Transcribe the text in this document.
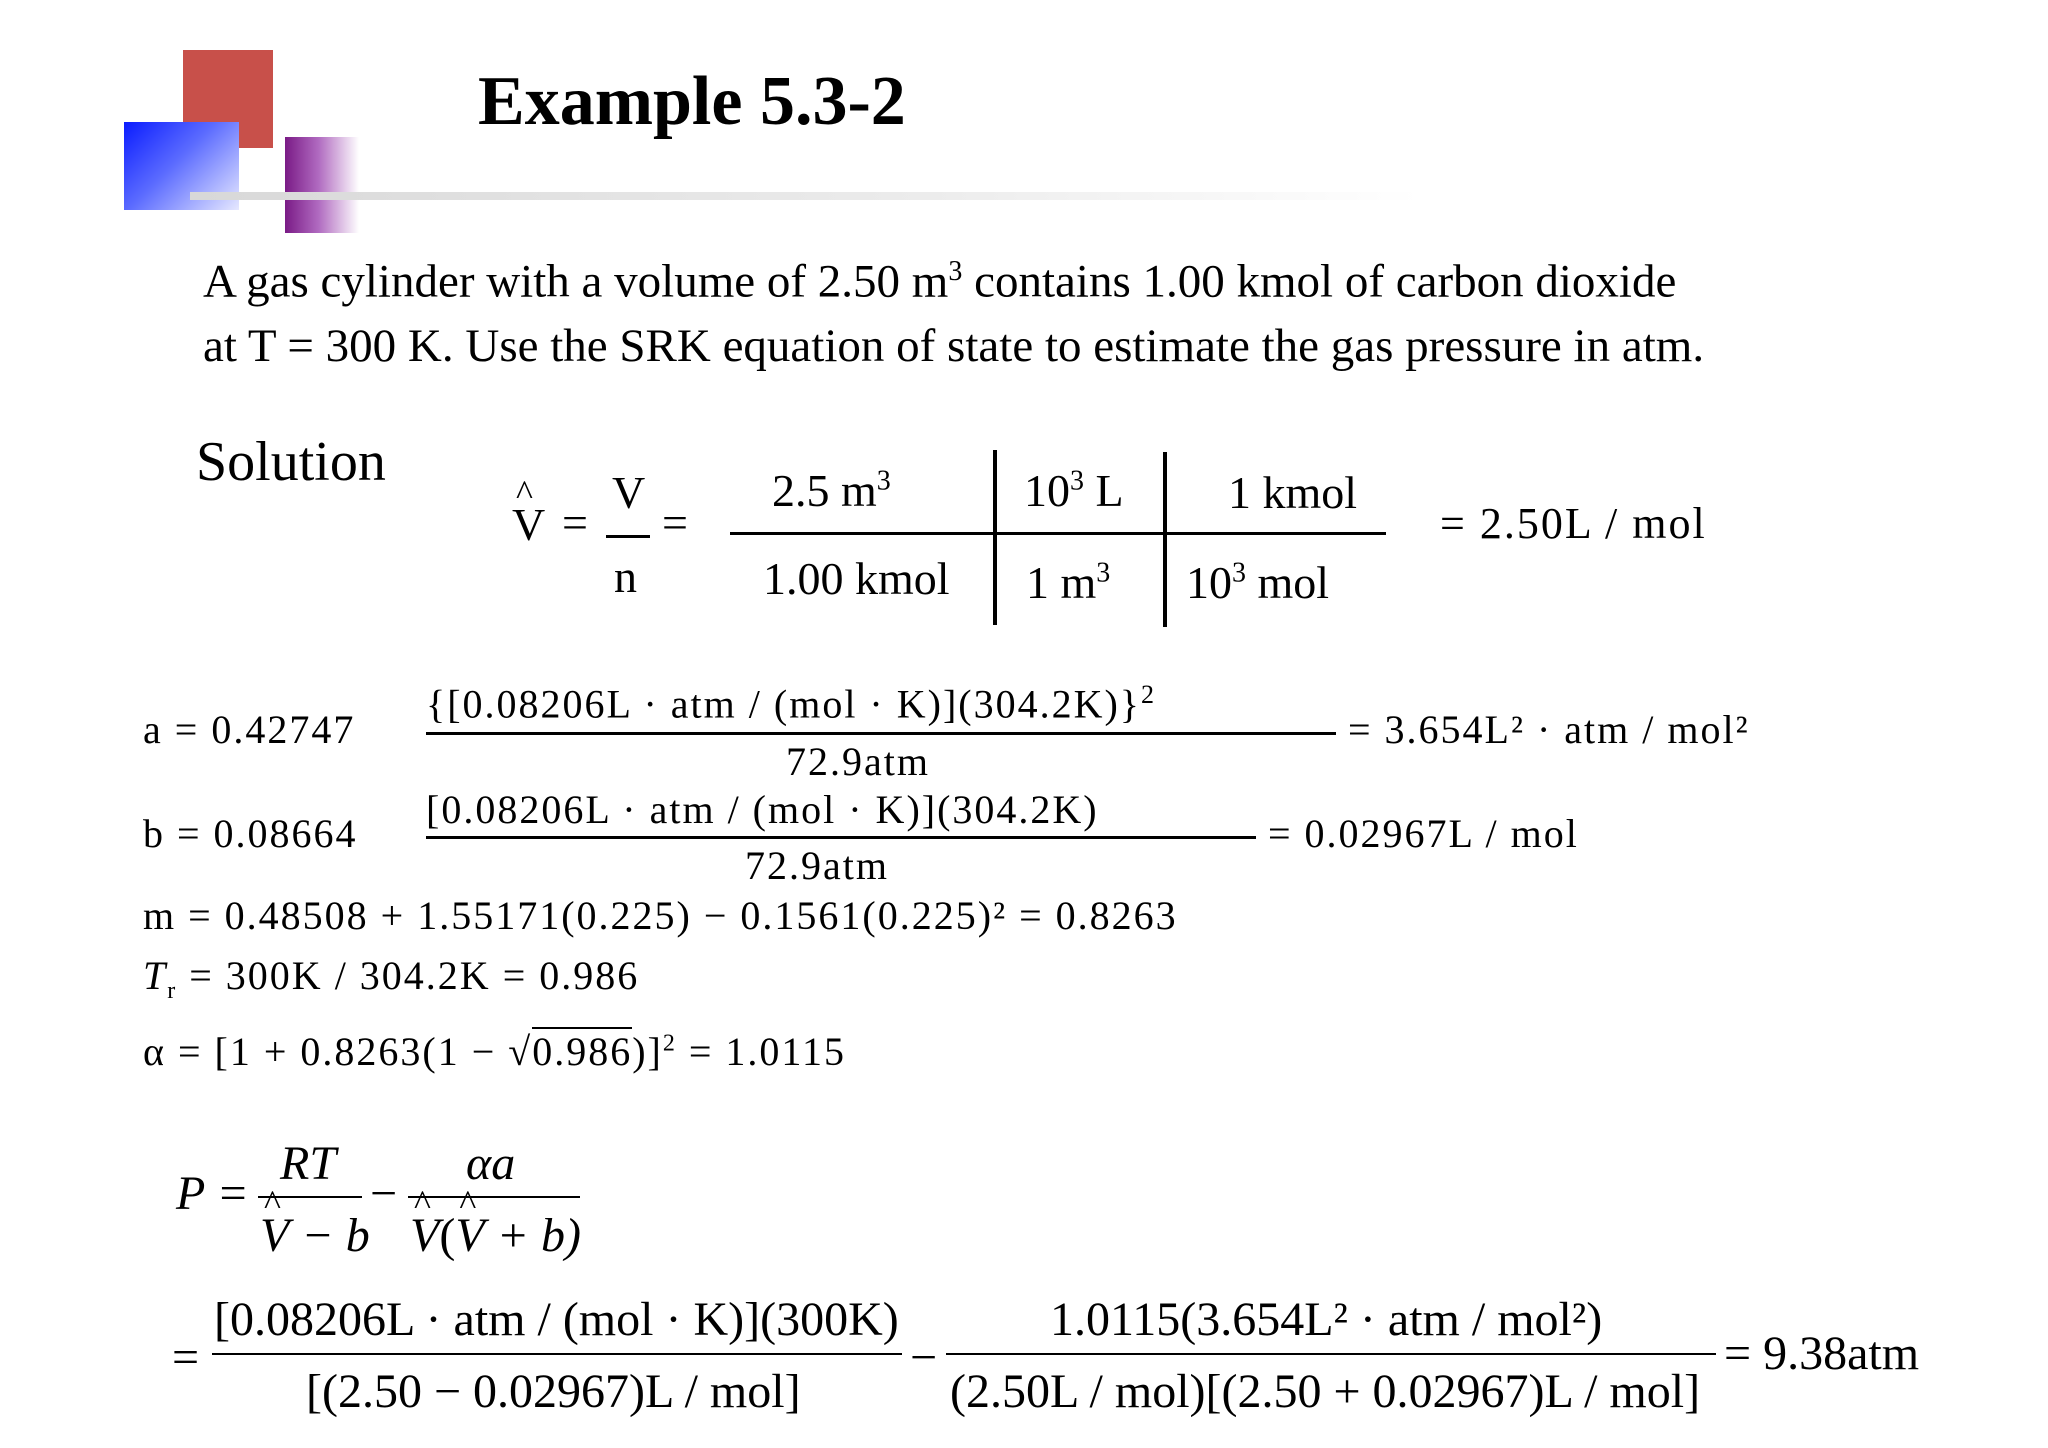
Example 5.3-2
A gas cylinder with a volume of 2.50 $m^3$ contains 1.00 kmol of carbon dioxide
at T = 300 K. Use the SRK equation of state to estimate the gas pressure in atm.
Solution
^ V =
V
n
=
2.5 $m^3$
1.00 kmol
$10^3$ L
1 $m^3$
1 kmol
$10^3$ mol
= 2.50L / mol
a = 0.42747
{[0.08206L · atm / (mol · K)](304.2K)}$^2$
72.9atm
= 3.654L² · atm / mol²
b = 0.08664
[0.08206L · atm / (mol · K)](304.2K)
72.9atm
= 0.02967L / mol
m = 0.48508 + 1.55171(0.225) − 0.1561(0.225)² = 0.8263
$T_r = 300K / 304.2K = 0.986$
$\alpha = [1 + 0.8263(1 - √0.986)]^2 = 1.0115$
P =
RT
^ V − b
−
αa
^ V(^ V + b)
=
[0.08206L · atm / (mol · K)](300K)
[(2.50 − 0.02967)L / mol]
−
1.0115(3.654L² · atm / mol²)
(2.50L / mol)[(2.50 + 0.02967)L / mol]
= 9.38atm
